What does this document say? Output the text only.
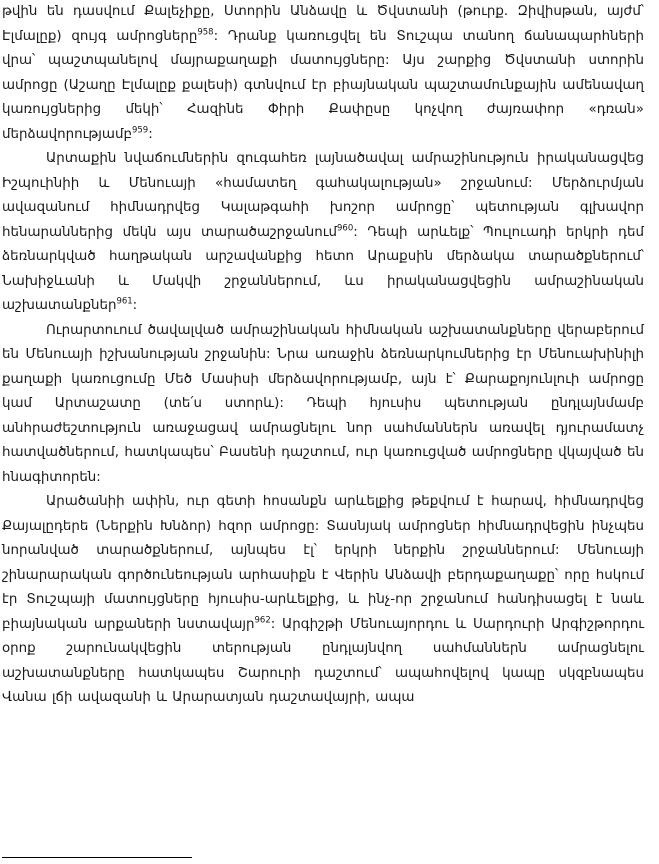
թվին են դասվում Քալեչիքը, Ստորին Անձավը և Ծվստանի (թուրք. Զիվիսթան, այժմ՝ Էլմալըք) զույգ ամրոցները$^{958}$: Դրանք կառուցվել են Տուշպա տանող ճանապարհների վրա՝ պաշտպանելով մայրաքաղաքի մատույցները: Այս շարքից Ծվստանի ստորին ամրոցը (Աշաղը Էլմալըք քալեսի) գտնվում էր բիայնական պաշտամունքային ամենավաղ կառույցներից մեկի՝ Հազինե Փիրի Քափըսը կոչվող ժայռափոր «դռան» մերձավորությամբ$^{959}$:

Արտաքին նվաճումներին զուգահեռ լայնածավալ ամրաշինություն իրականացվեց Իշպուինիի և Մենուայի «համատեղ գահակալության» շրջանում: Մերձուրմյան ավազանում հիմնադրվեց Կալաթգահի խոշոր ամրոցը՝ պետության գլխավոր հենարաններից մեկն այս տարածաշրջանում$^{960}$: Դեպի արևելք՝ Պուլուադի երկրի դեմ ձեռնարկված հաղթական արշավանքից հետո Արաքսին մերձակա տարածքներում՝ Նախիջևանի և Մակվի շրջաններում, ևս իրականացվեցին ամրաշինական աշխատանքներ$^{961}$:

Ուրարտուում ծավալված ամրաշինական հիմնական աշխատանքները վերաբերում են Մենուայի իշխանության շրջանին: Նրա առաջին ձեռնարկումներից էր Մենուախինիլի քաղաքի կառուցումը Մեծ Մասիսի մերձավորությամբ, այն է՝ Քարաքոյունլուի ամրոցը կամ Արտաշատը (տե՛ս ստորև): Դեպի հյուսիս պետության ընդլայնմամբ անհրաժեշտություն առաջացավ ամրացնելու նոր սահմաններն առավել դյուրամատչ հատվածներում, հատկապես՝ Բասենի դաշտում, ուր կառուցված ամրոցները վկայված են հնագիտորեն:

Արածանիի ափին, ուր գետի հոսանքն արևելքից թեքվում է հարավ, հիմնադրվեց Քայալըդերե (Ներքին Խնձոր) հզոր ամրոցը: Տասնյակ ամրոցներ հիմնադրվեցին ինչպես նորանված տարածքներում, այնպես էլ՝ երկրի ներքին շրջաններում: Մենուայի շինարարական գործունեության արհասիքն է Վերին Անձավի բերդաքաղաքը՝ որը հսկում էր Տուշպայի մատույցները հյուսիս-արևելքից, և ինչ-որ շրջանում հանդիսացել է նաև բիայնական արքաների նստավայր$^{962}$: Արգիշթի Մենուայորդու և Սարդուրի Արգիշթորդու օրոք շարունակվեցին տերության ընդլայնվող սահմաններն ամրացնելու աշխատանքները հատկապես Շարուրի դաշտում՝ ապահովելով կապը սկզբնապես Վանա լճի ավազանի և Արարատյան դաշտավայրի, ապա
